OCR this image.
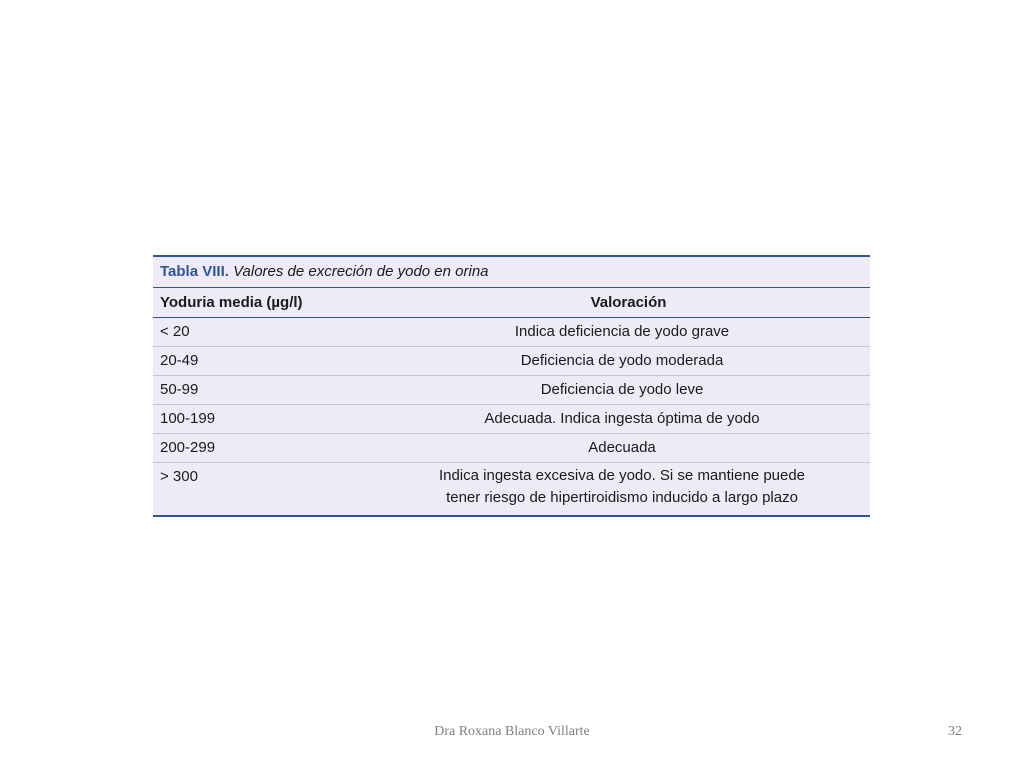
Tabla VIII. Valores de excreción de yodo en orina
Yoduria media (µg/l)	Valoración
< 20	Indica deficiencia de yodo grave
20-49	Deficiencia de yodo moderada
50-99	Deficiencia de yodo leve
100-199	Adecuada. Indica ingesta óptima de yodo
200-299	Adecuada
> 300	Indica ingesta excesiva de yodo. Si se mantiene puede
tener riesgo de hipertiroidismo inducido a largo plazo
Dra Roxana Blanco Villarte	32
